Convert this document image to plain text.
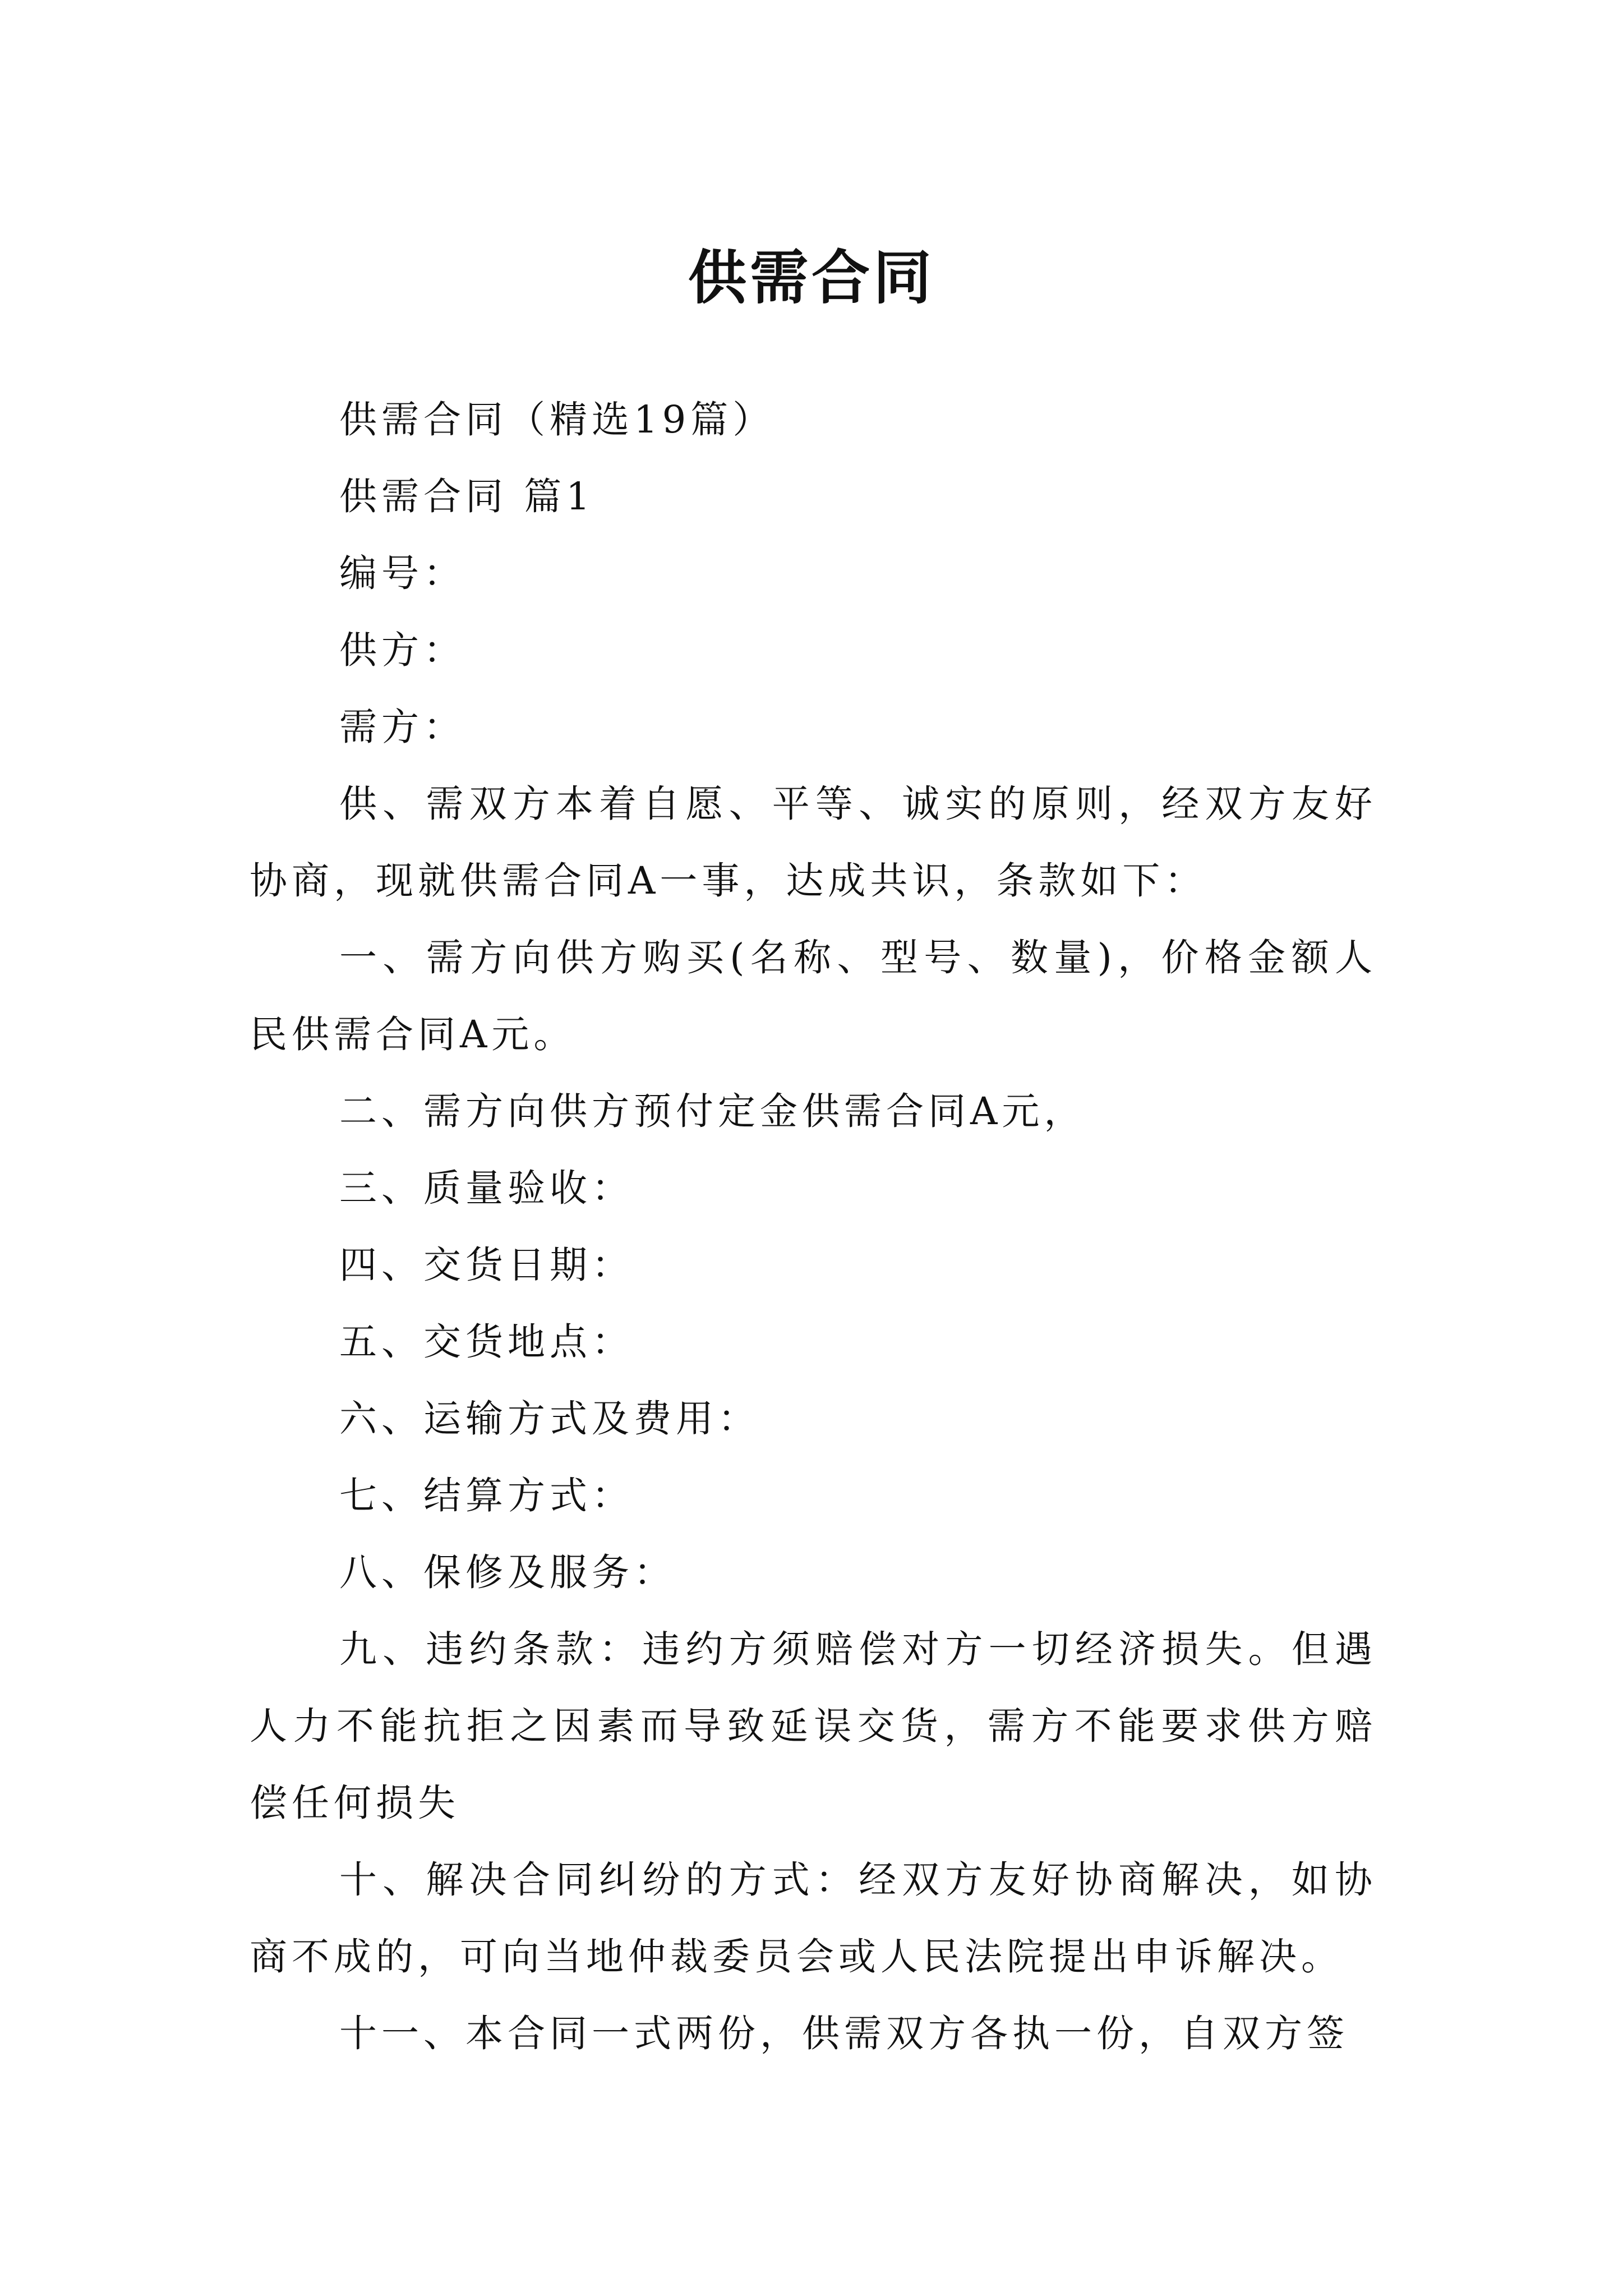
供需合同

供需合同（精选19篇）

供需合同 篇1

编号：

供方：

需方：

供、需双方本着自愿、平等、诚实的原则，经双方友好协商，现就供需合同A一事，达成共识，条款如下：

一、需方向供方购买(名称、型号、数量)，价格金额人民供需合同A元。

二、需方向供方预付定金供需合同A元，

三、质量验收：

四、交货日期：

五、交货地点：

六、运输方式及费用：

七、结算方式：

八、保修及服务：

九、违约条款：违约方须赔偿对方一切经济损失。但遇人力不能抗拒之因素而导致延误交货，需方不能要求供方赔偿任何损失

十、解决合同纠纷的方式：经双方友好协商解决，如协商不成的，可向当地仲裁委员会或人民法院提出申诉解决。

十一、本合同一式两份，供需双方各执一份，自双方签
